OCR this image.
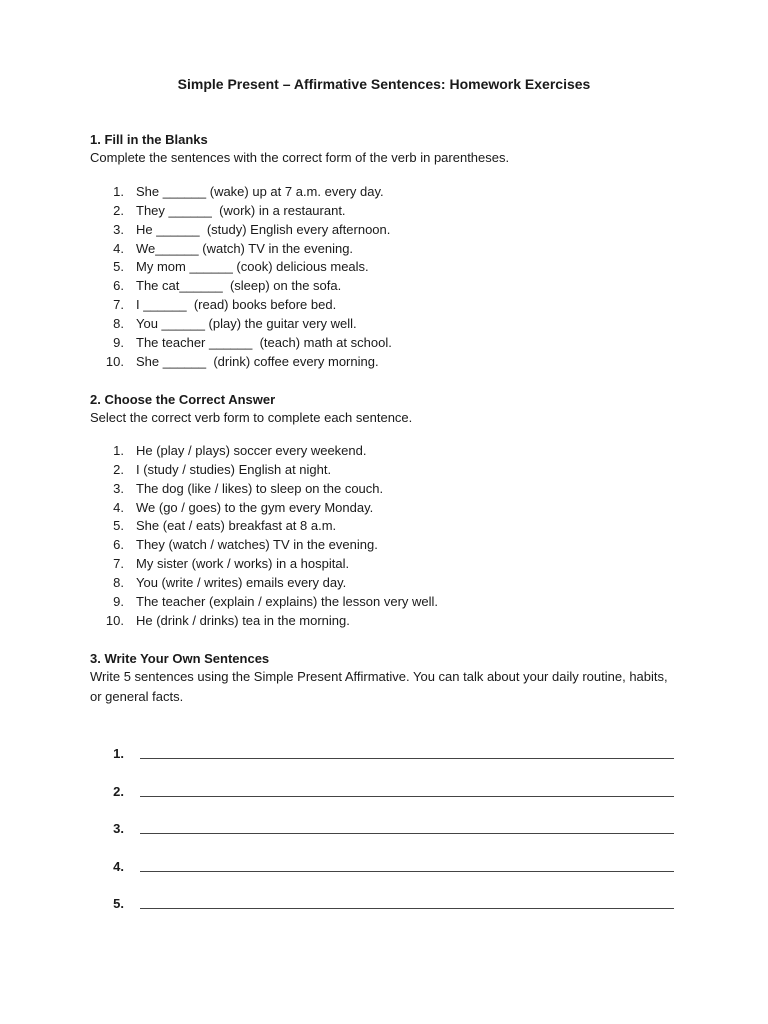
Simple Present – Affirmative Sentences: Homework Exercises
1. Fill in the Blanks
Complete the sentences with the correct form of the verb in parentheses.
1. She ______ (wake) up at 7 a.m. every day.
2. They ______  (work) in a restaurant.
3. He ______  (study) English every afternoon.
4. We______ (watch) TV in the evening.
5. My mom ______ (cook) delicious meals.
6. The cat______  (sleep) on the sofa.
7. I ______  (read) books before bed.
8. You ______ (play) the guitar very well.
9. The teacher ______  (teach) math at school.
10. She ______  (drink) coffee every morning.
2. Choose the Correct Answer
Select the correct verb form to complete each sentence.
1. He (play / plays) soccer every weekend.
2. I (study / studies) English at night.
3. The dog (like / likes) to sleep on the couch.
4. We (go / goes) to the gym every Monday.
5. She (eat / eats) breakfast at 8 a.m.
6. They (watch / watches) TV in the evening.
7. My sister (work / works) in a hospital.
8. You (write / writes) emails every day.
9. The teacher (explain / explains) the lesson very well.
10. He (drink / drinks) tea in the morning.
3. Write Your Own Sentences
Write 5 sentences using the Simple Present Affirmative. You can talk about your daily routine, habits, or general facts.
1.
2.
3.
4.
5.
